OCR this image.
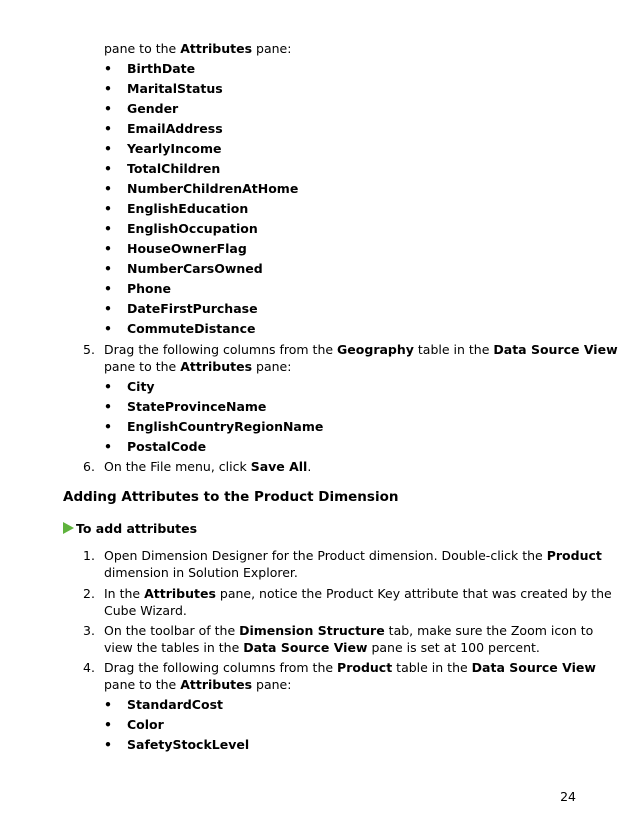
pane to the Attributes pane:
•	BirthDate
•	MaritalStatus
•	Gender
•	EmailAddress
•	YearlyIncome
•	TotalChildren
•	NumberChildrenAtHome
•	EnglishEducation
•	EnglishOccupation
•	HouseOwnerFlag
•	NumberCarsOwned
•	Phone
•	DateFirstPurchase
•	CommuteDistance
5. Drag the following columns from the Geography table in the Data Source View
pane to the Attributes pane:
•	City
•	StateProvinceName
•	EnglishCountryRegionName
•	PostalCode
6. On the File menu, click Save All.
Adding Attributes to the Product Dimension
To add attributes
1. Open Dimension Designer for the Product dimension. Double-click the Product
dimension in Solution Explorer.
2. In the Attributes pane, notice the Product Key attribute that was created by the
Cube Wizard.
3. On the toolbar of the Dimension Structure tab, make sure the Zoom icon to
view the tables in the Data Source View pane is set at 100 percent.
4. Drag the following columns from the Product table in the Data Source View
pane to the Attributes pane:
•	StandardCost
•	Color
•	SafetyStockLevel
24
